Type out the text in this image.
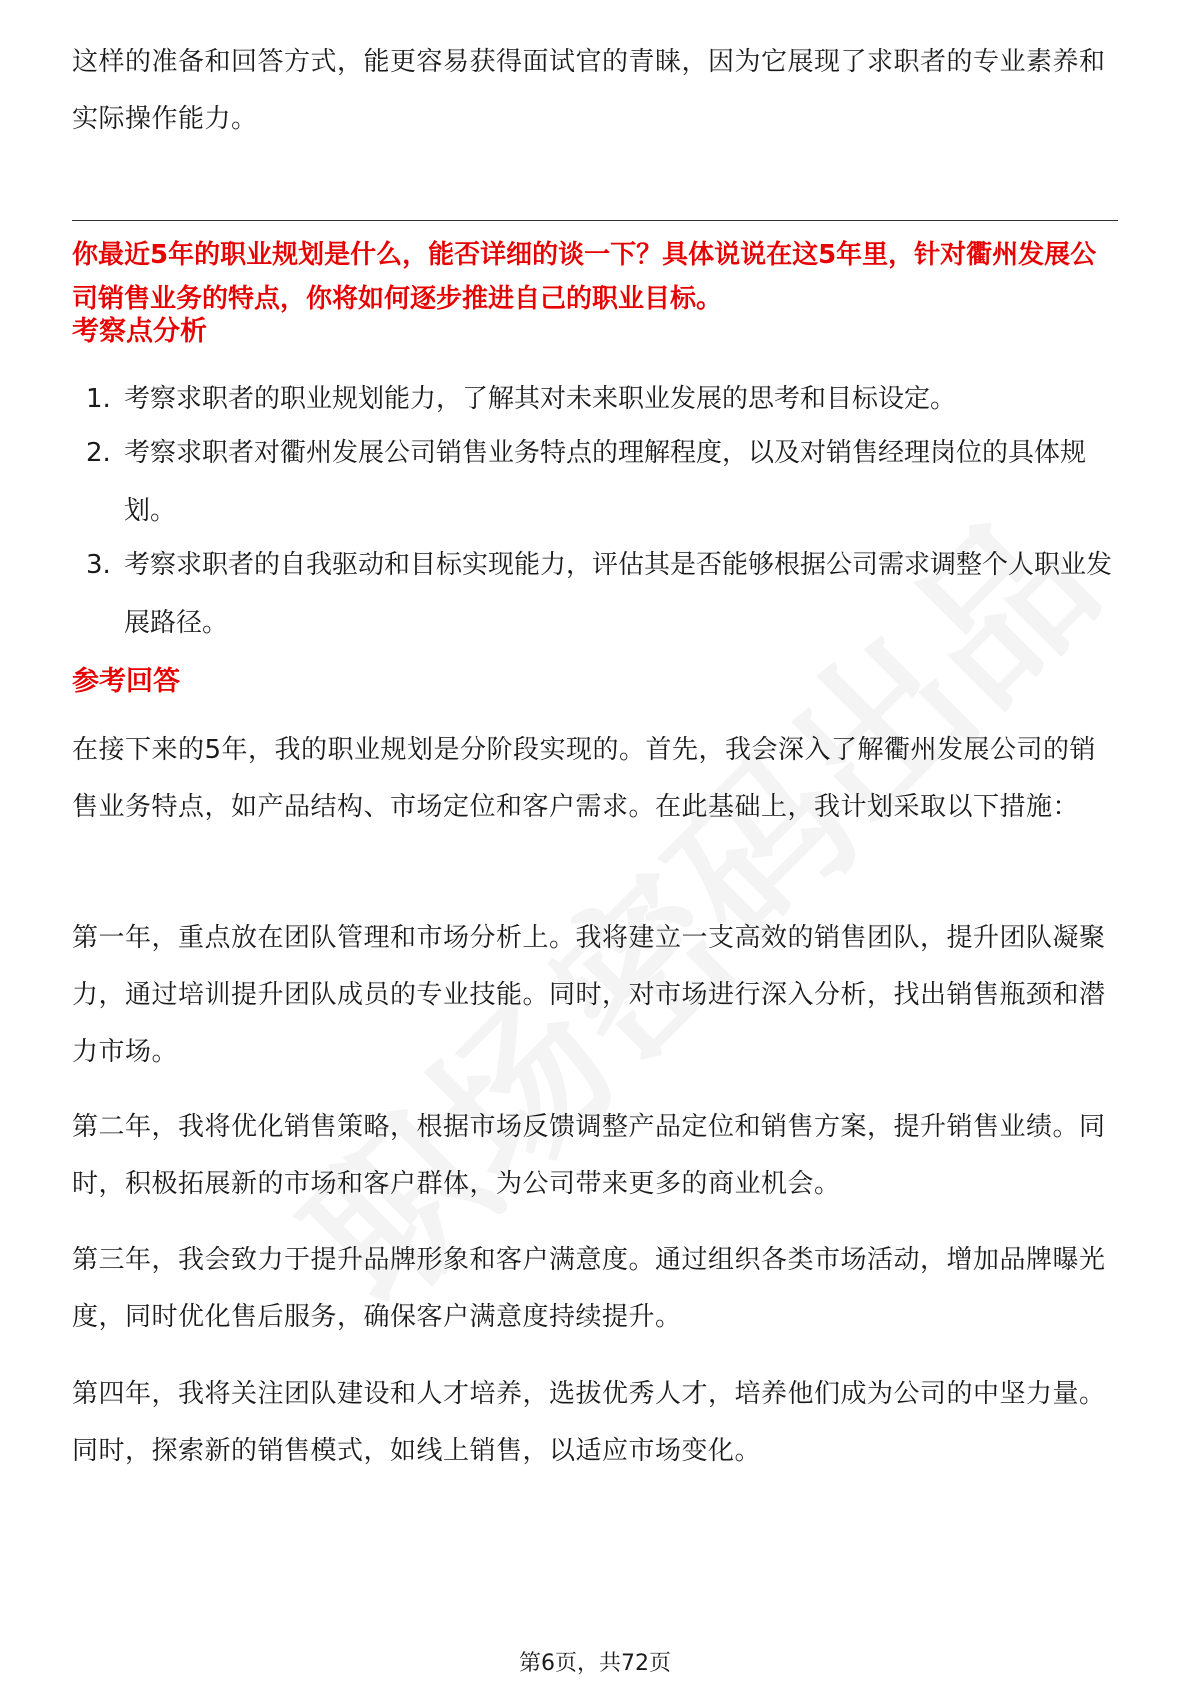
这样的准备和回答方式，能更容易获得面试官的青睐，因为它展现了求职者的专业素养和实际操作能力。

你最近5年的职业规划是什么，能否详细的谈一下？具体说说在这5年里，针对衢州发展公司销售业务的特点，你将如何逐步推进自己的职业目标。

考察点分析

1. 考察求职者的职业规划能力，了解其对未来职业发展的思考和目标设定。
2. 考察求职者对衢州发展公司销售业务特点的理解程度，以及对销售经理岗位的具体规划。
3. 考察求职者的自我驱动和目标实现能力，评估其是否能够根据公司需求调整个人职业发展路径。

参考回答

在接下来的5年，我的职业规划是分阶段实现的。首先，我会深入了解衢州发展公司的销售业务特点，如产品结构、市场定位和客户需求。在此基础上，我计划采取以下措施：

第一年，重点放在团队管理和市场分析上。我将建立一支高效的销售团队，提升团队凝聚力，通过培训提升团队成员的专业技能。同时，对市场进行深入分析，找出销售瓶颈和潜力市场。

第二年，我将优化销售策略，根据市场反馈调整产品定位和销售方案，提升销售业绩。同时，积极拓展新的市场和客户群体，为公司带来更多的商业机会。

第三年，我会致力于提升品牌形象和客户满意度。通过组织各类市场活动，增加品牌曝光度，同时优化售后服务，确保客户满意度持续提升。

第四年，我将关注团队建设和人才培养，选拔优秀人才，培养他们成为公司的中坚力量。同时，探索新的销售模式，如线上销售，以适应市场变化。

第6页，共72页
